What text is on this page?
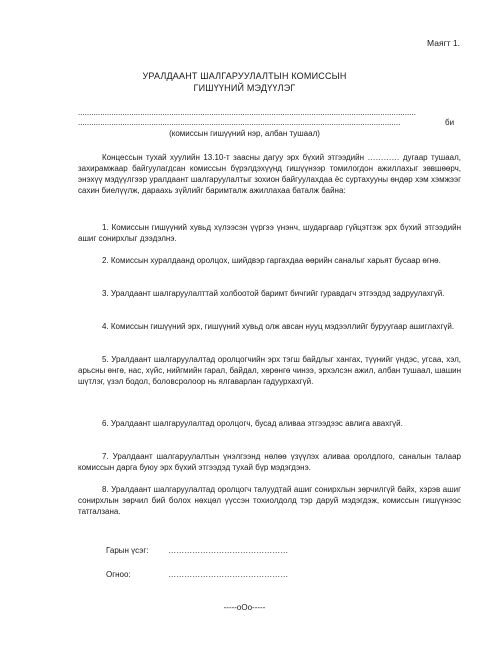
Маягт 1.
УРАЛДААНТ ШАЛГАРУУЛАЛТЫН КОМИССЫН
ГИШҮҮНИЙ МЭДҮҮЛЭГ
........................................................................................................................................................
.................................................................................................................................................	би
(комиссын гишүүний нэр, албан тушаал)
Концессын тухай хуулийн 13.10-т заасны дагуу эрх бүхий этгээдийн ………… дугаар тушаал, захирамжаар байгуулагдсан комиссын бүрэлдэхүүнд гишүүнээр томилогдон ажиллахыг зөвшөөрч, энэхүү мэдүүлгээр уралдаант шалгаруулалтыг зохион байгуулахдаа ёс суртахууны өндөр хэм хэмжээг сахин биелүүлж, дараахь зүйлийг баримталж ажиллахаа баталж байна:
1. Комиссын гишүүний хувьд хүлээсэн үүргээ үнэнч, шударгаар гүйцэтгэж эрх бүхий этгээдийн ашиг сонирхлыг дээдэлнэ.
2. Комиссын хуралдаанд оролцох, шийдвэр гаргахдаа өөрийн саналыг харьят бусаар өгнө.
3. Уралдаант шалгаруулалттай холбоотой баримт бичгийг гуравдагч этгээдэд задруулахгүй.
4. Комиссын гишүүний эрх, гишүүний хувьд олж авсан нууц мэдээллийг буруугаар ашиглахгүй.
5. Уралдаант шалгаруулалтад оролцогчийн эрх тэгш байдлыг хангах, түүнийг үндэс, угсаа, хэл, арьсны өнгө, нас, хүйс, нийгмийн гарал, байдал, хөрөнгө чинээ, эрхэлсэн ажил, албан тушаал, шашин шүтлэг, үзэл бодол, боловсролоор нь ялгаварлан гадуурхахгүй.
6. Уралдаант шалгаруулалтад оролцогч, бусад аливаа этгээдээс авлига авахгүй.
7. Уралдаант шалгаруулалтын үнэлгээнд нөлөө үзүүлэх аливаа оролдлого, саналын талаар комиссын дарга буюу эрх бүхий этгээдэд тухай бүр мэдэгдэнэ.
8. Уралдаант шалгаруулалтад оролцогч талуудтай ашиг сонирхлын зөрчилгүй байх, хэрэв ашиг сонирхлын зөрчил бий болох нөхцөл үүссэн тохиолдолд тэр даруй мэдэгдэж, комиссын гишүүнээс татгалзана.
Гарын үсэг: ………………………………………
Огноо:	………………………………………
-----oOo-----
